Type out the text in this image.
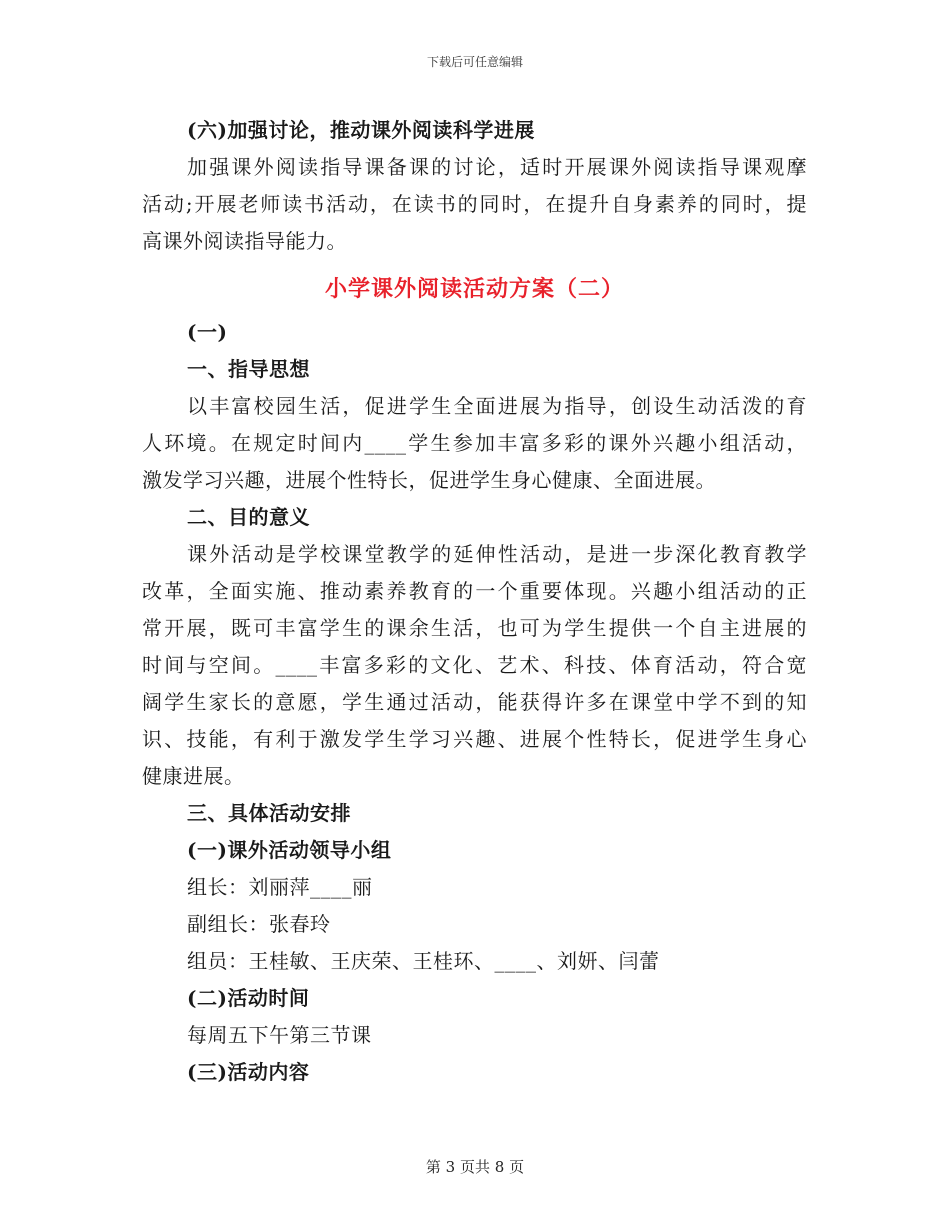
下载后可任意编辑
(六)加强讨论，推动课外阅读科学进展
加强课外阅读指导课备课的讨论，适时开展课外阅读指导课观摩
活动;开展老师读书活动，在读书的同时，在提升自身素养的同时，提
高课外阅读指导能力。
小学课外阅读活动方案（二）
(一)
一、指导思想
以丰富校园生活，促进学生全面进展为指导，创设生动活泼的育
人环境。在规定时间内____学生参加丰富多彩的课外兴趣小组活动，
激发学习兴趣，进展个性特长，促进学生身心健康、全面进展。
二、目的意义
课外活动是学校课堂教学的延伸性活动，是进一步深化教育教学
改革，全面实施、推动素养教育的一个重要体现。兴趣小组活动的正
常开展，既可丰富学生的课余生活，也可为学生提供一个自主进展的
时间与空间。____丰富多彩的文化、艺术、科技、体育活动，符合宽
阔学生家长的意愿，学生通过活动，能获得许多在课堂中学不到的知
识、技能，有利于激发学生学习兴趣、进展个性特长，促进学生身心
健康进展。
三、具体活动安排
(一)课外活动领导小组
组长：刘丽萍____丽
副组长：张春玲
组员：王桂敏、王庆荣、王桂环、____、刘妍、闫蕾
(二)活动时间
每周五下午第三节课
(三)活动内容
第 3 页共 8 页
